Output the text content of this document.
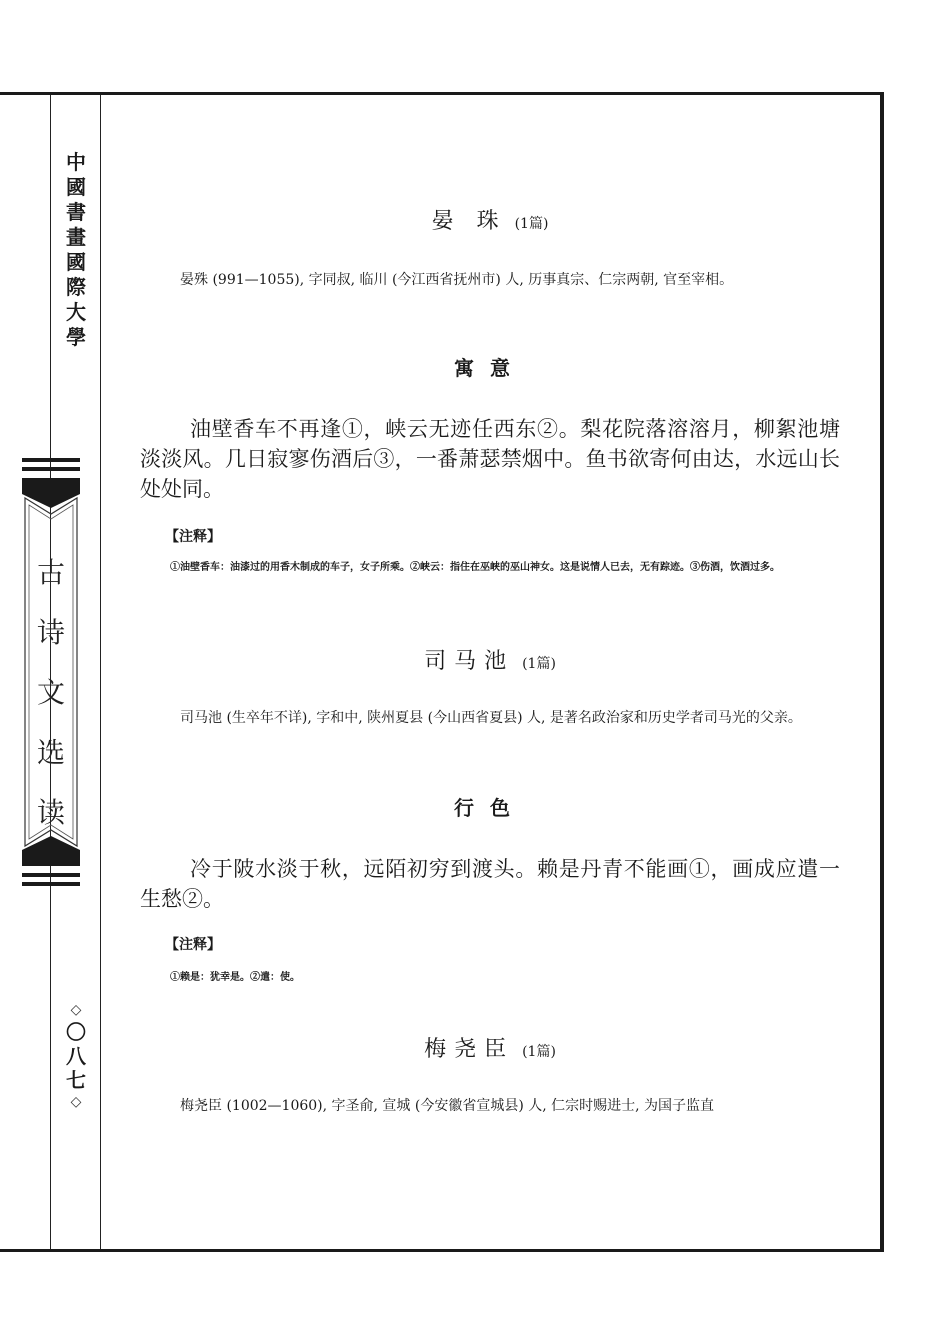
中國書畫國際大學
古诗文选读
◇
〇八七
◇
晏 珠 (1篇)
晏殊 (991—1055), 字同叔, 临川 (今江西省抚州市) 人, 历事真宗、仁宗两朝, 官至宰相。
寓意
油壁香车不再逢①，峡云无迹任西东②。梨花院落溶溶月，柳絮池塘淡淡风。几日寂寥伤酒后③，一番萧瑟禁烟中。鱼书欲寄何由达，水远山长处处同。
【注释】
①油壁香车：油漆过的用香木制成的车子，女子所乘。②峡云：指住在巫峡的巫山神女。这是说情人已去，无有踪迹。③伤酒，饮酒过多。
司马池 (1篇)
司马池 (生卒年不详), 字和中, 陕州夏县 (今山西省夏县) 人, 是著名政治家和历史学者司马光的父亲。
行色
冷于陂水淡于秋，远陌初穷到渡头。赖是丹青不能画①，画成应遣一生愁②。
【注释】
①赖是：犹幸是。②遣：使。
梅尧臣 (1篇)
梅尧臣 (1002—1060), 字圣俞, 宣城 (今安徽省宣城县) 人, 仁宗时赐进士, 为国子监直
